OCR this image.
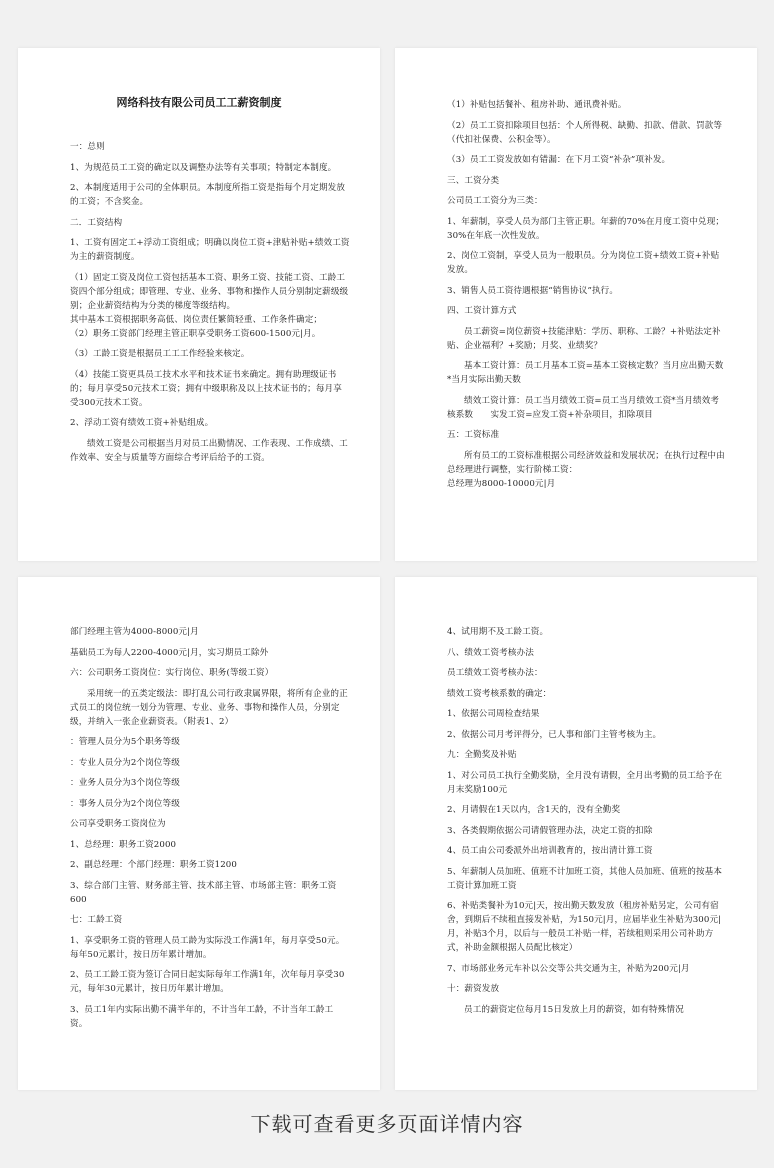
网络科技有限公司员工工薪资制度
一：总则
1、为规范员工工资的确定以及调整办法等有关事项；特制定本制度。
2、本制度适用于公司的全体职员。本制度所指工资是指每个月定期发放的工资；不含奖金。
二．工资结构
1、工资有固定工+浮动工资组成；明确以岗位工资+津贴补贴+绩效工资为主的薪资制度。
（1）固定工资及岗位工资包括基本工资、职务工资、技能工资、工龄工资四个部分组成；即管理、专业、业务、事物和操作人员分别制定薪级级别；企业薪资结构为分类的梯度等级结构。
其中基本工资根据职务高低、岗位责任繁简轻重、工作条件确定；
（2）职务工资部门经理主管正职享受职务工资600-1500元|月。
（3）工龄工资是根据员工工工作经验来核定。
（4）技能工资更具员工技术水平和技术证书来确定。拥有助理级证书的；每月享受50元技术工资；拥有中级职称及以上技术证书的；每月享受300元技术工资。
2、浮动工资有绩效工资+补贴组成。
绩效工资是公司根据当月对员工出勤情况、工作表现、工作成绩、工作效率、安全与质量等方面综合考评后给予的工资。
（1）补贴包括餐补、租房补助、通讯费补贴。
（2）员工工资扣除项目包括：个人所得税、缺勤、扣款、借款、罚款等（代扣社保费、公积金等）。
（3）员工工资发放如有错漏：在下月工资“补杂”项补发。
三、工资分类
公司员工工资分为三类：
1、年薪制，享受人员为部门主管正职。年薪的70%在月度工资中兑现；30%在年底一次性发放。
2、岗位工资制，享受人员为一般职员。分为岗位工资+绩效工资+补贴发放。
3、销售人员工资待遇根据“销售协议”执行。
四、工资计算方式
员工薪资=岗位薪资+技能津贴：学历、职称、工龄？+补贴法定补贴、企业福利？+奖励；月奖、业绩奖？
基本工资计算：员工月基本工资=基本工资核定数？当月应出勤天数*当月实际出勤天数
绩效工资计算：员工当月绩效工资=员工当月绩效工资*当月绩效考核系数　　实发工资=应发工资+补杂项目，扣除项目
五：工资标准
所有员工的工资标准根据公司经济效益和发展状况；在执行过程中由总经理进行调整，实行阶梯工资：
总经理为8000-10000元|月
部门经理主管为4000-8000元|月
基础员工为每人2200-4000元|月，实习期员工除外
六：公司职务工资岗位：实行岗位、职务(等级工资）
采用统一的五类定级法：即打乱公司行政隶属界限，将所有企业的正式员工的岗位统一划分为管理、专业、业务、事物和操作人员，分别定级，并纳入一张企业薪资表。（附表1、2）
：管理人员分为5个职务等级
：专业人员分为2个岗位等级
：业务人员分为3个岗位等级
：事务人员分为2个岗位等级
公司享受职务工资岗位为
1、总经理：职务工资2000
2、副总经理：个部门经理：职务工资1200
3、综合部门主管、财务部主管、技术部主管、市场部主管：职务工资600
七：工龄工资
1、享受职务工资的管理人员工龄为实际没工作满1年，每月享受50元。每年50元累计，按日历年累计增加。
2、员工工龄工资为签订合同日起实际每年工作满1年，次年每月享受30元，每年30元累计，按日历年累计增加。
3、员工1年内实际出勤不满半年的，不计当年工龄，不计当年工龄工资。
4、试用期不及工龄工资。
八、绩效工资考核办法
员工绩效工资考核办法：
绩效工资考核系数的确定：
1、依据公司周检查结果
2、依据公司月考评得分，已人事和部门主管考核为主。
九：全勤奖及补贴
1、对公司员工执行全勤奖励，全月没有请假，全月出考勤的员工给予在月末奖励100元
2、月请假在1天以内，含1天的，没有全勤奖
3、各类假期依据公司请假管理办法，决定工资的扣除
4、员工由公司委派外出培训教育的，按出清计算工资
5、年薪制人员加班、值班不计加班工资，其他人员加班、值班的按基本工资计算加班工资
6、补贴类餐补为10元|天，按出勤天数发放（租房补贴另定，公司有宿舍，到期后不续租直接发补贴，为150元|月，应届毕业生补贴为300元|月，补贴3个月，以后与一般员工补贴一样，若续租则采用公司补助方式，补助金额根据人员配比核定）
7、市场部业务元车补以公交等公共交通为主，补贴为200元|月
十：薪资发放
员工的薪资定位每月15日发放上月的薪资，如有特殊情况
下载可查看更多页面详情内容
